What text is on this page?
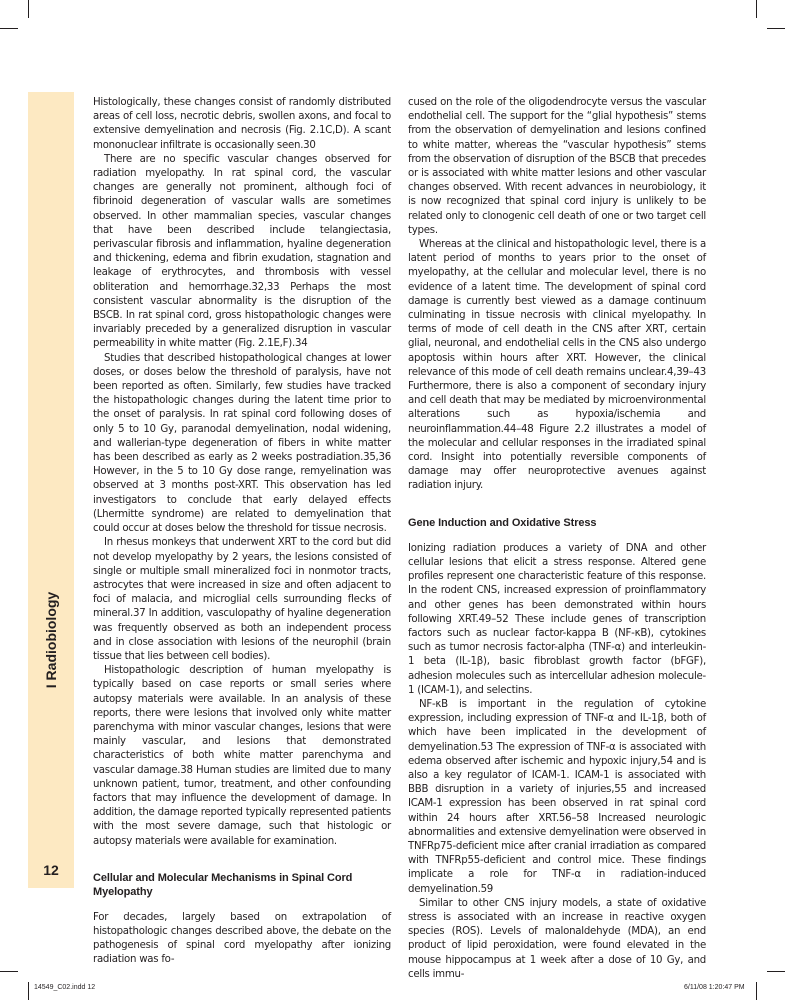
I Radiobiology
12

Histologically, these changes consist of randomly distributed areas of cell loss, necrotic debris, swollen axons, and focal to extensive demyelination and necrosis (Fig. 2.1C,D). A scant mononuclear infiltrate is occasionally seen.30

There are no specific vascular changes observed for radiation myelopathy. In rat spinal cord, the vascular changes are generally not prominent, although foci of fibrinoid degeneration of vascular walls are sometimes observed. In other mammalian species, vascular changes that have been described include telangiectasia, perivascular fibrosis and inflammation, hyaline degeneration and thickening, edema and fibrin exudation, stagnation and leakage of erythrocytes, and thrombosis with vessel obliteration and hemorrhage.32,33 Perhaps the most consistent vascular abnormality is the disruption of the BSCB. In rat spinal cord, gross histopathologic changes were invariably preceded by a generalized disruption in vascular permeability in white matter (Fig. 2.1E,F).34

Studies that described histopathological changes at lower doses, or doses below the threshold of paralysis, have not been reported as often. Similarly, few studies have tracked the histopathologic changes during the latent time prior to the onset of paralysis. In rat spinal cord following doses of only 5 to 10 Gy, paranodal demyelination, nodal widening, and wallerian-type degeneration of fibers in white matter has been described as early as 2 weeks postradiation.35,36 However, in the 5 to 10 Gy dose range, remyelination was observed at 3 months post-XRT. This observation has led investigators to conclude that early delayed effects (Lhermitte syndrome) are related to demyelination that could occur at doses below the threshold for tissue necrosis.

In rhesus monkeys that underwent XRT to the cord but did not develop myelopathy by 2 years, the lesions consisted of single or multiple small mineralized foci in nonmotor tracts, astrocytes that were increased in size and often adjacent to foci of malacia, and microglial cells surrounding flecks of mineral.37 In addition, vasculopathy of hyaline degeneration was frequently observed as both an independent process and in close association with lesions of the neurophil (brain tissue that lies between cell bodies).

Histopathologic description of human myelopathy is typically based on case reports or small series where autopsy materials were available. In an analysis of these reports, there were lesions that involved only white matter parenchyma with minor vascular changes, lesions that were mainly vascular, and lesions that demonstrated characteristics of both white matter parenchyma and vascular damage.38 Human studies are limited due to many unknown patient, tumor, treatment, and other confounding factors that may influence the development of damage. In addition, the damage reported typically represented patients with the most severe damage, such that histologic or autopsy materials were available for examination.

Cellular and Molecular Mechanisms in Spinal Cord Myelopathy

For decades, largely based on extrapolation of histopathologic changes described above, the debate on the pathogenesis of spinal cord myelopathy after ionizing radiation was fo-

cused on the role of the oligodendrocyte versus the vascular endothelial cell. The support for the “glial hypothesis” stems from the observation of demyelination and lesions confined to white matter, whereas the “vascular hypothesis” stems from the observation of disruption of the BSCB that precedes or is associated with white matter lesions and other vascular changes observed. With recent advances in neurobiology, it is now recognized that spinal cord injury is unlikely to be related only to clonogenic cell death of one or two target cell types.

Whereas at the clinical and histopathologic level, there is a latent period of months to years prior to the onset of myelopathy, at the cellular and molecular level, there is no evidence of a latent time. The development of spinal cord damage is currently best viewed as a damage continuum culminating in tissue necrosis with clinical myelopathy. In terms of mode of cell death in the CNS after XRT, certain glial, neuronal, and endothelial cells in the CNS also undergo apoptosis within hours after XRT. However, the clinical relevance of this mode of cell death remains unclear.4,39–43 Furthermore, there is also a component of secondary injury and cell death that may be mediated by microenvironmental alterations such as hypoxia/ischemia and neuroinflammation.44–48 Figure 2.2 illustrates a model of the molecular and cellular responses in the irradiated spinal cord. Insight into potentially reversible components of damage may offer neuroprotective avenues against radiation injury.

Gene Induction and Oxidative Stress

Ionizing radiation produces a variety of DNA and other cellular lesions that elicit a stress response. Altered gene profiles represent one characteristic feature of this response. In the rodent CNS, increased expression of proinflammatory and other genes has been demonstrated within hours following XRT.49–52 These include genes of transcription factors such as nuclear factor-kappa B (NF-κB), cytokines such as tumor necrosis factor-alpha (TNF-α) and interleukin-1 beta (IL-1β), basic fibroblast growth factor (bFGF), adhesion molecules such as intercellular adhesion molecule-1 (ICAM-1), and selectins.

NF-κB is important in the regulation of cytokine expression, including expression of TNF-α and IL-1β, both of which have been implicated in the development of demyelination.53 The expression of TNF-α is associated with edema observed after ischemic and hypoxic injury,54 and is also a key regulator of ICAM-1. ICAM-1 is associated with BBB disruption in a variety of injuries,55 and increased ICAM-1 expression has been observed in rat spinal cord within 24 hours after XRT.56–58 Increased neurologic abnormalities and extensive demyelination were observed in TNFRp75-deficient mice after cranial irradiation as compared with TNFRp55-deficient and control mice. These findings implicate a role for TNF-α in radiation-induced demyelination.59

Similar to other CNS injury models, a state of oxidative stress is associated with an increase in reactive oxygen species (ROS). Levels of malonaldehyde (MDA), an end product of lipid peroxidation, were found elevated in the mouse hippocampus at 1 week after a dose of 10 Gy, and cells immu-

14549_C02.indd 12	6/11/08 1:20:47 PM
